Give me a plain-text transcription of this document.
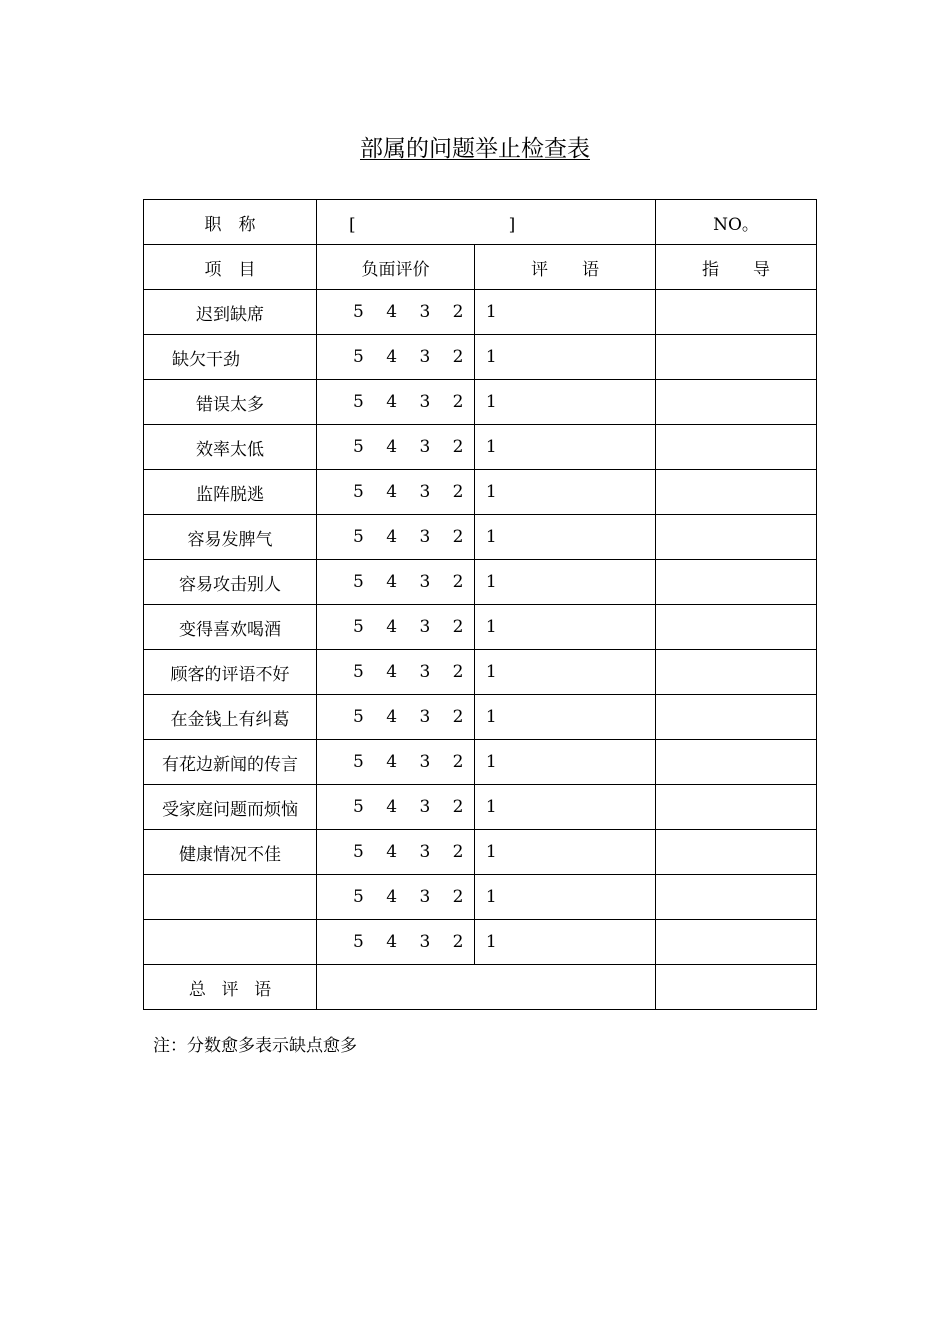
部属的问题举止检查表
职　称	[　　　　　　　　　]		NO。
项　目	负面评价	评　　语	指　　导
迟到缺席	5 4 3 2 1		
缺欠干劲	5 4 3 2 1		
错误太多	5 4 3 2 1		
效率太低	5 4 3 2 1		
监阵脱逃	5 4 3 2 1		
容易发脾气	5 4 3 2 1		
容易攻击别人	5 4 3 2 1		
变得喜欢喝酒	5 4 3 2 1		
顾客的评语不好	5 4 3 2 1		
在金钱上有纠葛	5 4 3 2 1		
有花边新闻的传言	5 4 3 2 1		
受家庭问题而烦恼	5 4 3 2 1		
健康情况不佳	5 4 3 2 1		
	5 4 3 2 1		
	5 4 3 2 1		
总 评 语			

注：分数愈多表示缺点愈多
